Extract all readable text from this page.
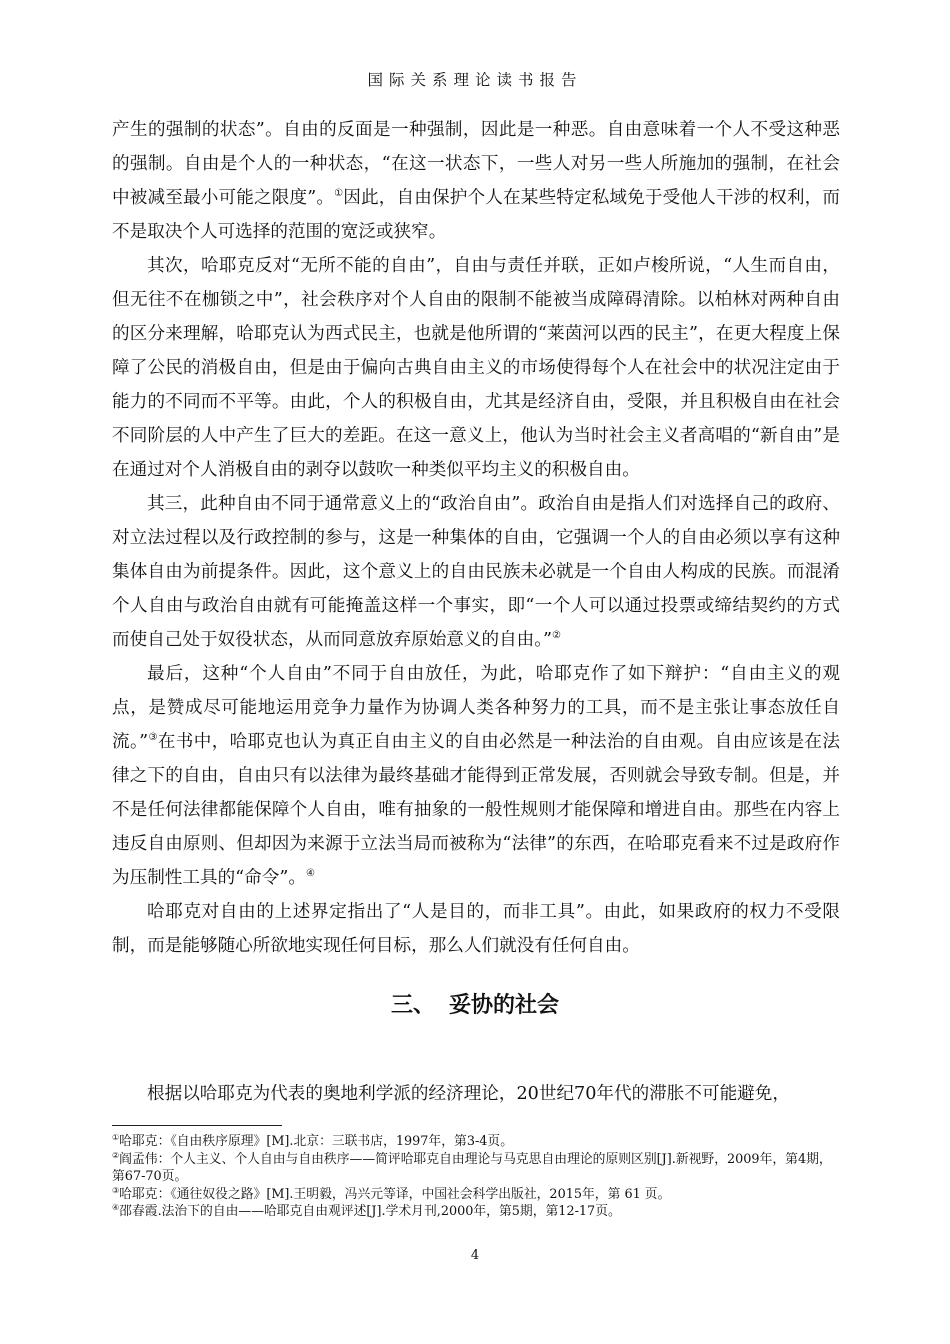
国际关系理论读书报告

产生的强制的状态”。自由的反面是一种强制，因此是一种恶。自由意味着一个人不受这种恶的强制。自由是个人的一种状态，“在这一状态下，一些人对另一些人所施加的强制，在社会中被减至最小可能之限度”。①因此，自由保护个人在某些特定私域免于受他人干涉的权利，而不是取决个人可选择的范围的宽泛或狭窄。

其次，哈耶克反对“无所不能的自由”，自由与责任并联，正如卢梭所说，“人生而自由，但无往不在枷锁之中”，社会秩序对个人自由的限制不能被当成障碍清除。以柏林对两种自由的区分来理解，哈耶克认为西式民主，也就是他所谓的“莱茵河以西的民主”，在更大程度上保障了公民的消极自由，但是由于偏向古典自由主义的市场使得每个人在社会中的状况注定由于能力的不同而不平等。由此，个人的积极自由，尤其是经济自由，受限，并且积极自由在社会不同阶层的人中产生了巨大的差距。在这一意义上，他认为当时社会主义者高唱的“新自由”是在通过对个人消极自由的剥夺以鼓吹一种类似平均主义的积极自由。

其三，此种自由不同于通常意义上的“政治自由”。政治自由是指人们对选择自己的政府、对立法过程以及行政控制的参与，这是一种集体的自由，它强调一个人的自由必须以享有这种集体自由为前提条件。因此，这个意义上的自由民族未必就是一个自由人构成的民族。而混淆个人自由与政治自由就有可能掩盖这样一个事实，即“一个人可以通过投票或缔结契约的方式而使自己处于奴役状态，从而同意放弃原始意义的自由。”②

最后，这种“个人自由”不同于自由放任，为此，哈耶克作了如下辩护：“自由主义的观点，是赞成尽可能地运用竞争力量作为协调人类各种努力的工具，而不是主张让事态放任自流。”③在书中，哈耶克也认为真正自由主义的自由必然是一种法治的自由观。自由应该是在法律之下的自由，自由只有以法律为最终基础才能得到正常发展，否则就会导致专制。但是，并不是任何法律都能保障个人自由，唯有抽象的一般性规则才能保障和增进自由。那些在内容上违反自由原则、但却因为来源于立法当局而被称为“法律”的东西，在哈耶克看来不过是政府作为压制性工具的“命令”。④

哈耶克对自由的上述界定指出了“人是目的，而非工具”。由此，如果政府的权力不受限制，而是能够随心所欲地实现任何目标，那么人们就没有任何自由。

三、 妥协的社会

根据以哈耶克为代表的奥地利学派的经济理论，20世纪70年代的滞胀不可能避免，

①哈耶克：《自由秩序原理》[M].北京：三联书店，1997年，第3-4页。

②阎孟伟：个人主义、个人自由与自由秩序——简评哈耶克自由理论与马克思自由理论的原则区别[J].新视野，2009年，第4期，第67-70页。

③哈耶克：《通往奴役之路》[M].王明毅，冯兴元等译，中国社会科学出版社，2015年，第 61 页。

④邵春霞.法治下的自由——哈耶克自由观评述[J].学术月刊,2000年，第5期，第12-17页。

4
